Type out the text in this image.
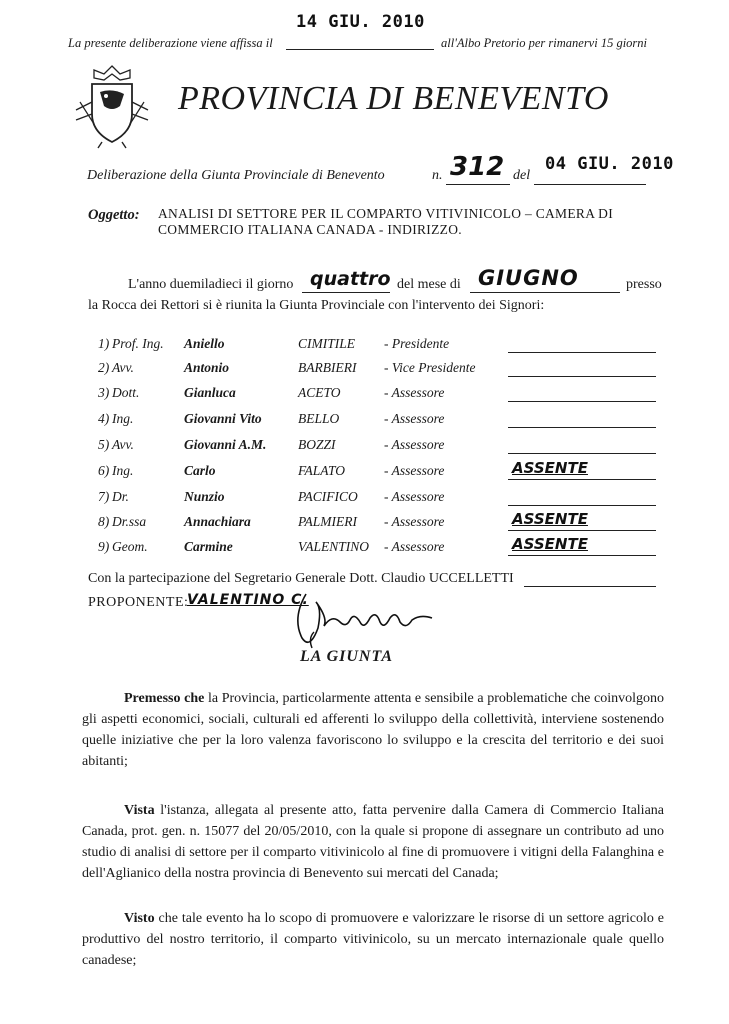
14 GIU. 2010
La presente deliberazione viene affissa il	all'Albo Pretorio per rimanervi 15 giorni
PROVINCIA DI BENEVENTO
Deliberazione della Giunta Provinciale di Benevento	n. 312 del
04 GIU. 2010
Oggetto: ANALISI DI SETTORE PER IL COMPARTO VITIVINICOLO – CAMERA DI
COMMERCIO ITALIANA CANADA - INDIRIZZO.
L'anno duemiladieci il giorno quattro del mese di GIUGNO	presso
la Rocca dei Rettori si è riunita la Giunta Provinciale con l'intervento dei Signori:
1) Prof. Ing. Aniello	CIMITILE - Presidente
2) Avv.	Antonio	BARBIERI - Vice Presidente
3) Dott.	Gianluca	ACETO	- Assessore
4) Ing.	Giovanni Vito	BELLO	- Assessore
5) Avv.	Giovanni A.M. BOZZI	- Assessore
6) Ing.	Carlo	FALATO	- Assessore	ASSENTE
7) Dr.	Nunzio	PACIFICO - Assessore
8) Dr.ssa	Annachiara	PALMIERI - Assessore	ASSENTE
9) Geom.	Carmine	VALENTINO - Assessore	ASSENTE
Con la partecipazione del Segretario Generale Dott. Claudio UCCELLETTI
PROPONENTE:
VALENTINO C.
LA GIUNTA
Premesso che la Provincia, particolarmente attenta e sensibile a problematiche che coinvolgono gli aspetti economici, sociali, culturali ed afferenti lo sviluppo della collettività, interviene sostenendo quelle iniziative che per la loro valenza favoriscono lo sviluppo e la crescita del territorio e dei suoi abitanti;
Vista l'istanza, allegata al presente atto, fatta pervenire dalla Camera di Commercio Italiana Canada, prot. gen. n. 15077 del 20/05/2010, con la quale si propone di assegnare un contributo ad uno studio di analisi di settore per il comparto vitivinicolo al fine di promuovere i vitigni della Falanghina e dell'Aglianico della nostra provincia di Benevento sui mercati del Canada;
Visto che tale evento ha lo scopo di promuovere e valorizzare le risorse di un settore agricolo e produttivo del nostro territorio, il comparto vitivinicolo, su un mercato internazionale quale quello canadese;
